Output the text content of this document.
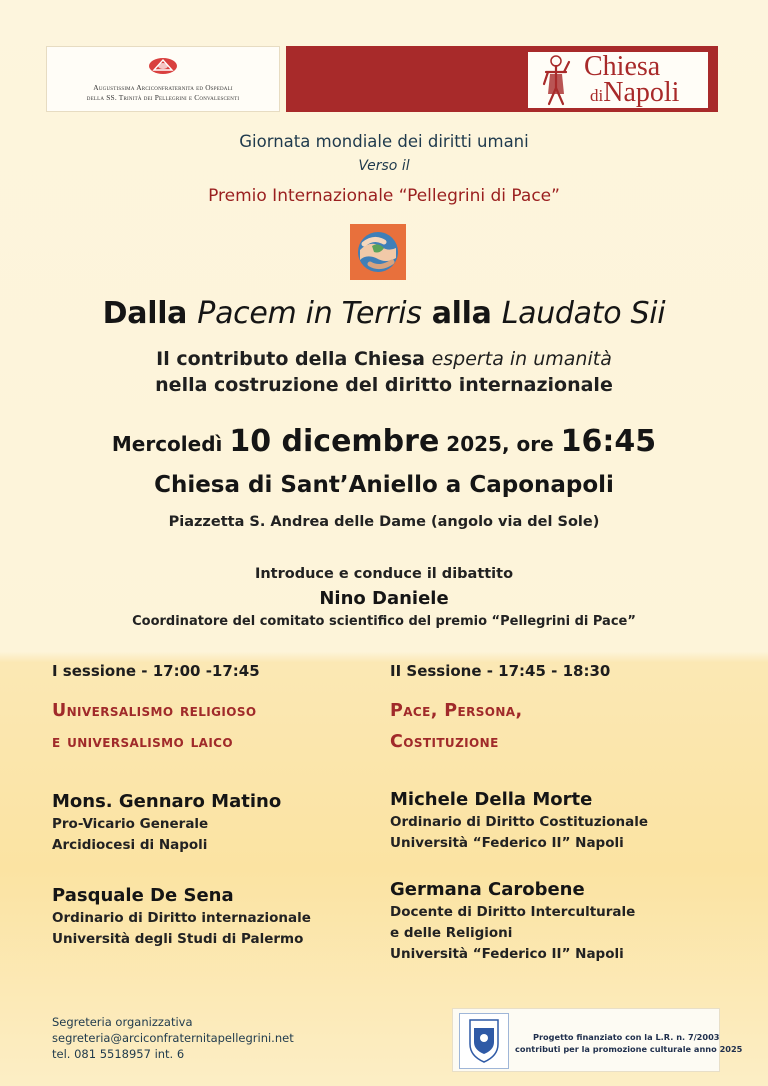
Augustissima Arciconfraternita ed Ospedali
della SS. Trinità dei Pellegrini e Convalescenti
Chiesa
diNapoli
Giornata mondiale dei diritti umani
Verso il
Premio Internazionale “Pellegrini di Pace”
Dalla Pacem in Terris alla Laudato Sii
Il contributo della Chiesa esperta in umanità
nella costruzione del diritto internazionale
Mercoledì 10 dicembre 2025, ore 16:45
Chiesa di Sant’Aniello a Caponapoli
Piazzetta S. Andrea delle Dame (angolo via del Sole)
Introduce e conduce il dibattito
Nino Daniele
Coordinatore del comitato scientifico del premio “Pellegrini di Pace”
I sessione - 17:00 -17:45
Universalismo religioso
e universalismo laico
Mons. Gennaro Matino
Pro-Vicario Generale
Arcidiocesi di Napoli
Pasquale De Sena
Ordinario di Diritto internazionale
Università degli Studi di Palermo
II Sessione - 17:45 - 18:30
Pace, Persona,
Costituzione
Michele Della Morte
Ordinario di Diritto Costituzionale
Università “Federico II” Napoli
Germana Carobene
Docente di Diritto Interculturale
e delle Religioni
Università “Federico II” Napoli
Segreteria organizzativa
segreteria@arciconfraternitapellegrini.net
tel. 081 5518957 int. 6
Progetto finanziato con la L.R. n. 7/2003
contributi per la promozione culturale anno 2025
